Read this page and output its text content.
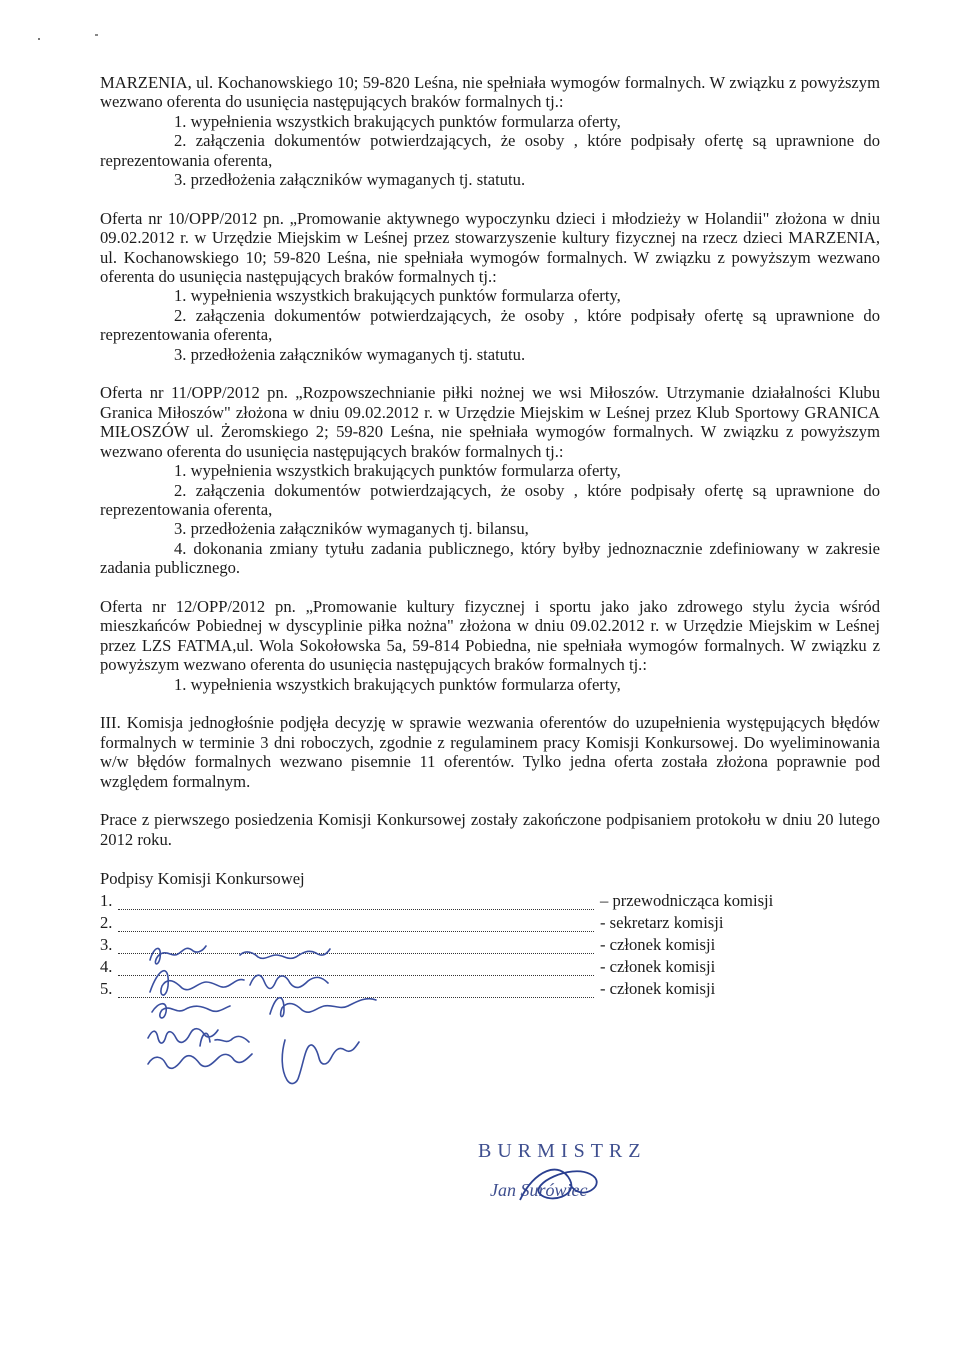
MARZENIA, ul. Kochanowskiego 10; 59-820 Leśna, nie spełniała wymogów formalnych. W związku z powyższym wezwano oferenta do usunięcia następujących braków formalnych tj.:

1. wypełnienia wszystkich brakujących punktów formularza oferty,

2. załączenia dokumentów potwierdzających, że osoby , które podpisały ofertę są uprawnione do reprezentowania oferenta,

3. przedłożenia załączników wymaganych tj. statutu.

Oferta nr 10/OPP/2012 pn. „Promowanie aktywnego wypoczynku dzieci i młodzieży w Holandii" złożona w dniu 09.02.2012 r. w Urzędzie Miejskim w Leśnej przez stowarzyszenie kultury fizycznej na rzecz dzieci MARZENIA, ul. Kochanowskiego 10; 59-820 Leśna, nie spełniała wymogów formalnych. W związku z powyższym wezwano oferenta do usunięcia następujących braków formalnych tj.:

1. wypełnienia wszystkich brakujących punktów formularza oferty,

2. załączenia dokumentów potwierdzających, że osoby , które podpisały ofertę są uprawnione do reprezentowania oferenta,

3. przedłożenia załączników wymaganych tj. statutu.

Oferta nr 11/OPP/2012 pn. „Rozpowszechnianie piłki nożnej we wsi Miłoszów. Utrzymanie działalności Klubu Granica Miłoszów" złożona w dniu 09.02.2012 r. w Urzędzie Miejskim w Leśnej przez Klub Sportowy GRANICA MIŁOSZÓW ul. Żeromskiego 2; 59-820 Leśna, nie spełniała wymogów formalnych. W związku z powyższym wezwano oferenta do usunięcia następujących braków formalnych tj.:

1. wypełnienia wszystkich brakujących punktów formularza oferty,

2. załączenia dokumentów potwierdzających, że osoby , które podpisały ofertę są uprawnione do reprezentowania oferenta,

3. przedłożenia załączników wymaganych tj. bilansu,

4. dokonania zmiany tytułu zadania publicznego, który byłby jednoznacznie zdefiniowany w zakresie zadania publicznego.

Oferta nr 12/OPP/2012 pn. „Promowanie kultury fizycznej i sportu jako jako zdrowego stylu życia wśród mieszkańców Pobiednej w dyscyplinie piłka nożna" złożona w dniu 09.02.2012 r. w Urzędzie Miejskim w Leśnej przez LZS FATMA,ul. Wola Sokołowska 5a, 59-814 Pobiedna, nie spełniała wymogów formalnych. W związku z powyższym wezwano oferenta do usunięcia następujących braków formalnych tj.:

1. wypełnienia wszystkich brakujących punktów formularza oferty,

III. Komisja jednogłośnie podjęła decyzję w sprawie wezwania oferentów do uzupełnienia występujących błędów formalnych w terminie 3 dni roboczych, zgodnie z regulaminem pracy Komisji Konkursowej. Do wyeliminowania w/w błędów formalnych wezwano pisemnie 11 oferentów. Tylko jedna oferta została złożona poprawnie pod względem formalnym.

Prace z pierwszego posiedzenia Komisji Konkursowej zostały zakończone podpisaniem protokołu w dniu 20 lutego 2012 roku.

Podpisy Komisji Konkursowej

1.	– przewodnicząca komisji
2.	- sekretarz komisji
3.	- członek komisji
4.	- członek komisji
5.	- członek komisji
BURMISTRZ
Jan Surówiec
